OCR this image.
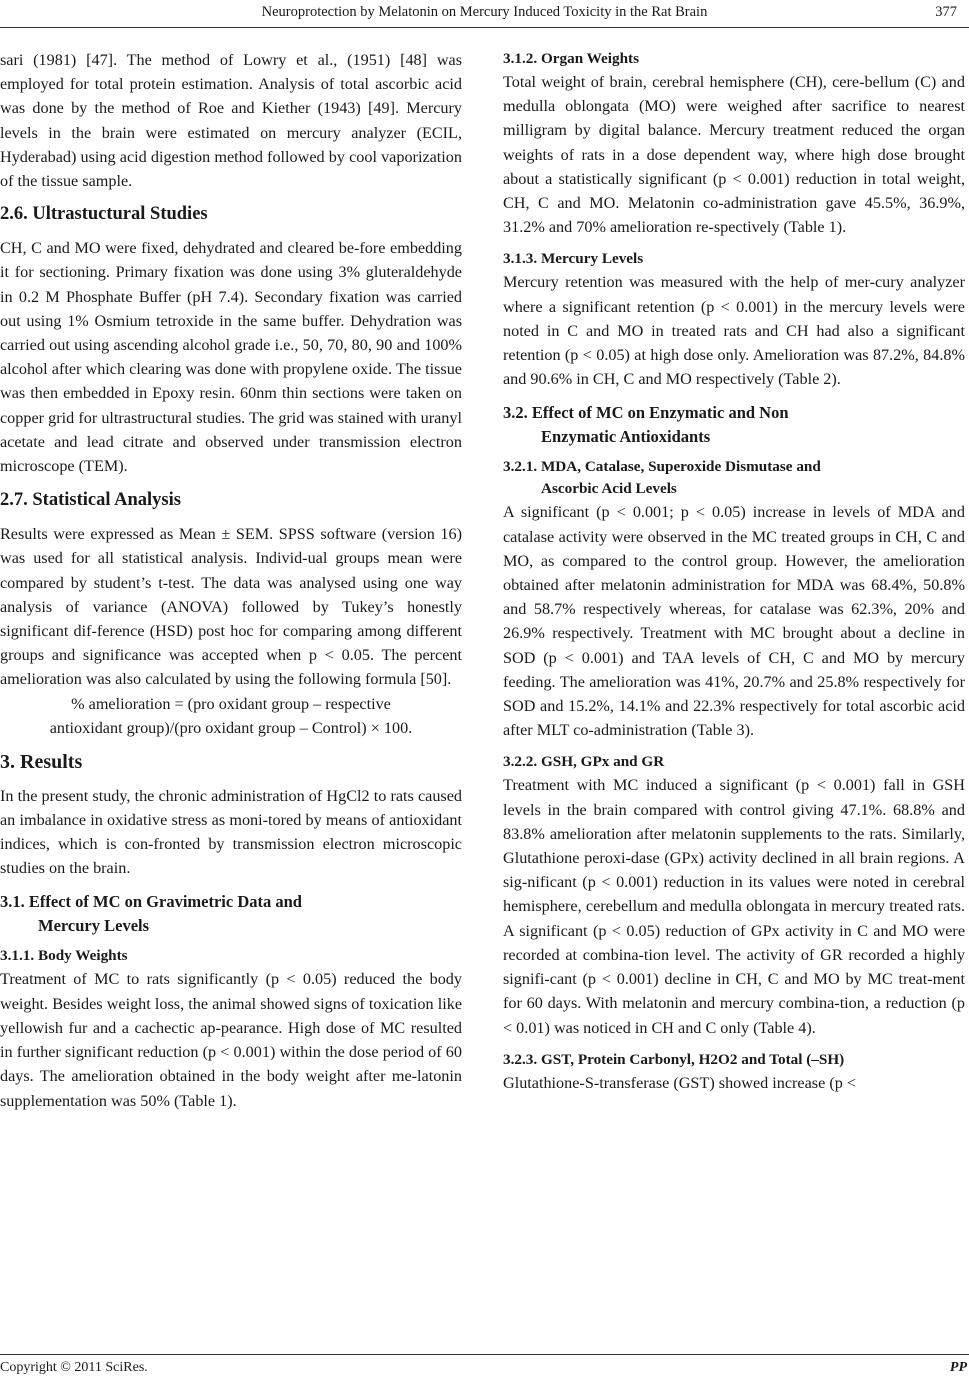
Neuroprotection by Melatonin on Mercury Induced Toxicity in the Rat Brain	377

sari (1981) [47]. The method of Lowry et al., (1951) [48] was employed for total protein estimation. Analysis of total ascorbic acid was done by the method of Roe and Kiether (1943) [49]. Mercury levels in the brain were estimated on mercury analyzer (ECIL, Hyderabad) using acid digestion method followed by cool vaporization of the tissue sample.

2.6. Ultrastuctural Studies

CH, C and MO were fixed, dehydrated and cleared be-fore embedding it for sectioning. Primary fixation was done using 3% gluteraldehyde in 0.2 M Phosphate Buffer (pH 7.4). Secondary fixation was carried out using 1% Osmium tetroxide in the same buffer. Dehydration was carried out using ascending alcohol grade i.e., 50, 70, 80, 90 and 100% alcohol after which clearing was done with propylene oxide. The tissue was then embedded in Epoxy resin. 60nm thin sections were taken on copper grid for ultrastructural studies. The grid was stained with uranyl acetate and lead citrate and observed under transmission electron microscope (TEM).

2.7. Statistical Analysis

Results were expressed as Mean ± SEM. SPSS software (version 16) was used for all statistical analysis. Individ-ual groups mean were compared by student’s t-test. The data was analysed using one way analysis of variance (ANOVA) followed by Tukey’s honestly significant dif-ference (HSD) post hoc for comparing among different groups and significance was accepted when p < 0.05. The percent amelioration was also calculated by using the following formula [50].

% amelioration = (pro oxidant group – respective

antioxidant group)/(pro oxidant group – Control) × 100.

3. Results

In the present study, the chronic administration of HgCl2 to rats caused an imbalance in oxidative stress as moni-tored by means of antioxidant indices, which is con-fronted by transmission electron microscopic studies on the brain.

3.1. Effect of MC on Gravimetric Data and
Mercury Levels
3.1.1. Body Weights

Treatment of MC to rats significantly (p < 0.05) reduced the body weight. Besides weight loss, the animal showed signs of toxication like yellowish fur and a cachectic ap-pearance. High dose of MC resulted in further significant reduction (p < 0.001) within the dose period of 60 days. The amelioration obtained in the body weight after me-latonin supplementation was 50% (Table 1).

3.1.2. Organ Weights

Total weight of brain, cerebral hemisphere (CH), cere-bellum (C) and medulla oblongata (MO) were weighed after sacrifice to nearest milligram by digital balance. Mercury treatment reduced the organ weights of rats in a dose dependent way, where high dose brought about a statistically significant (p < 0.001) reduction in total weight, CH, C and MO. Melatonin co-administration gave 45.5%, 36.9%, 31.2% and 70% amelioration re-spectively (Table 1).

3.1.3. Mercury Levels

Mercury retention was measured with the help of mer-cury analyzer where a significant retention (p < 0.001) in the mercury levels were noted in C and MO in treated rats and CH had also a significant retention (p < 0.05) at high dose only. Amelioration was 87.2%, 84.8% and 90.6% in CH, C and MO respectively (Table 2).

3.2. Effect of MC on Enzymatic and Non
Enzymatic Antioxidants
3.2.1. MDA, Catalase, Superoxide Dismutase and
Ascorbic Acid Levels

A significant (p < 0.001; p < 0.05) increase in levels of MDA and catalase activity were observed in the MC treated groups in CH, C and MO, as compared to the control group. However, the amelioration obtained after melatonin administration for MDA was 68.4%, 50.8% and 58.7% respectively whereas, for catalase was 62.3%, 20% and 26.9% respectively. Treatment with MC brought about a decline in SOD (p < 0.001) and TAA levels of CH, C and MO by mercury feeding. The amelioration was 41%, 20.7% and 25.8% respectively for SOD and 15.2%, 14.1% and 22.3% respectively for total ascorbic acid after MLT co-administration (Table 3).

3.2.2. GSH, GPx and GR

Treatment with MC induced a significant (p < 0.001) fall in GSH levels in the brain compared with control giving 47.1%. 68.8% and 83.8% amelioration after melatonin supplements to the rats. Similarly, Glutathione peroxi-dase (GPx) activity declined in all brain regions. A sig-nificant (p < 0.001) reduction in its values were noted in cerebral hemisphere, cerebellum and medulla oblongata in mercury treated rats. A significant (p < 0.05) reduction of GPx activity in C and MO were recorded at combina-tion level. The activity of GR recorded a highly signifi-cant (p < 0.001) decline in CH, C and MO by MC treat-ment for 60 days. With melatonin and mercury combina-tion, a reduction (p < 0.01) was noticed in CH and C only (Table 4).

3.2.3. GST, Protein Carbonyl, H2O2 and Total (–SH)

Glutathione-S-transferase (GST) showed increase (p <

Copyright © 2011 SciRes.	PP
